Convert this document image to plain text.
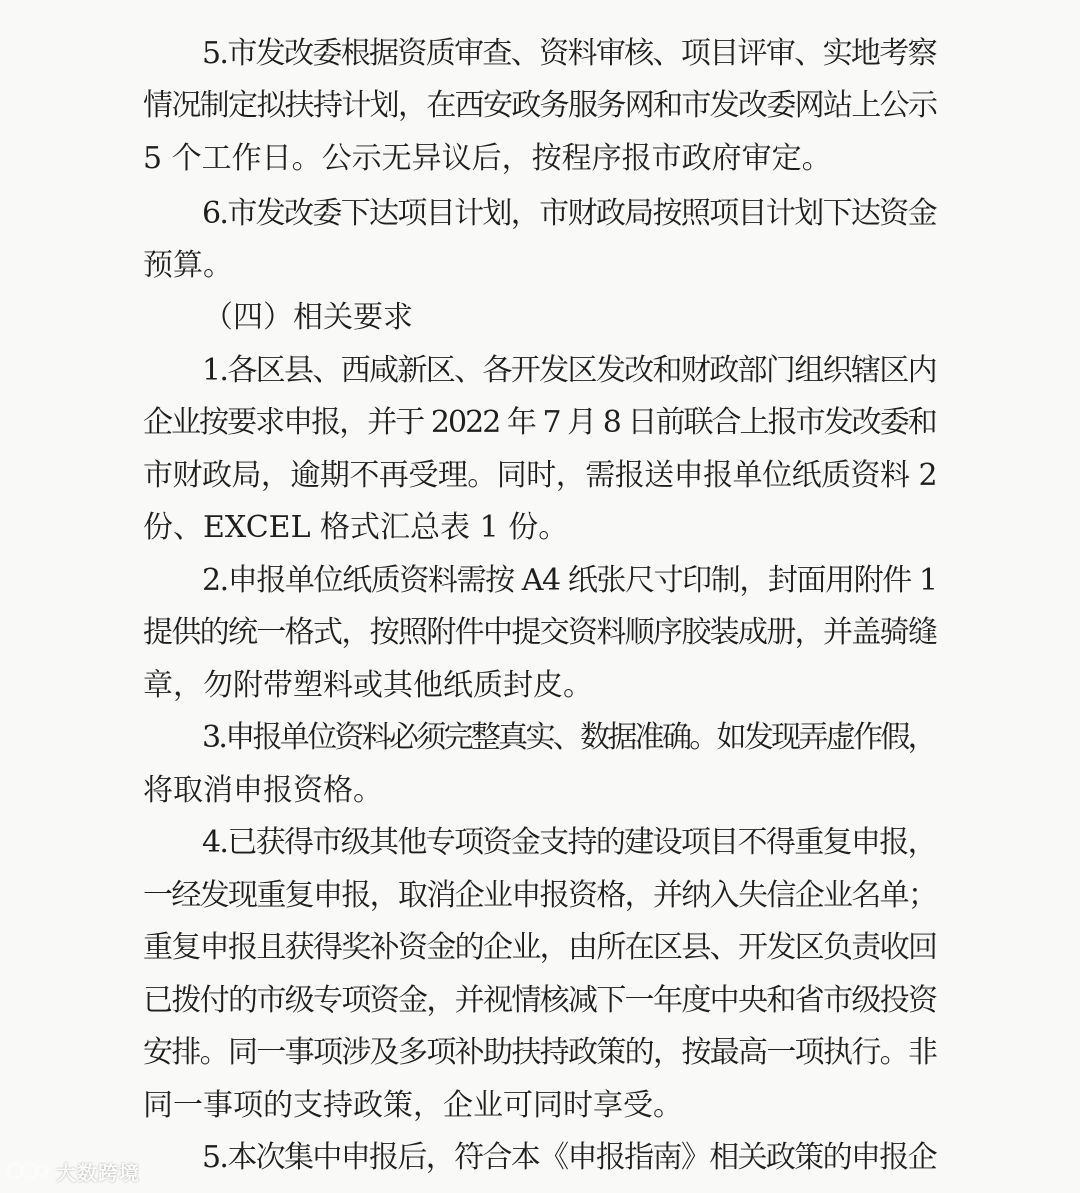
5.市发改委根据资质审查、资料审核、项目评审、实地考察
情况制定拟扶持计划，在西安政务服务网和市发改委网站上公示
5 个工作日。公示无异议后，按程序报市政府审定。
6.市发改委下达项目计划，市财政局按照项目计划下达资金
预算。
（四）相关要求
1.各区县、西咸新区、各开发区发改和财政部门组织辖区内
企业按要求申报，并于 2022 年 7 月 8 日前联合上报市发改委和
市财政局，逾期不再受理。同时，需报送申报单位纸质资料 2
份、EXCEL 格式汇总表 1 份。
2.申报单位纸质资料需按 A4 纸张尺寸印制，封面用附件 1
提供的统一格式，按照附件中提交资料顺序胶装成册，并盖骑缝
章，勿附带塑料或其他纸质封皮。
3.申报单位资料必须完整真实、数据准确。如发现弄虚作假，
将取消申报资格。
4.已获得市级其他专项资金支持的建设项目不得重复申报，
一经发现重复申报，取消企业申报资格，并纳入失信企业名单；
重复申报且获得奖补资金的企业，由所在区县、开发区负责收回
已拨付的市级专项资金，并视情核减下一年度中央和省市级投资
安排。同一事项涉及多项补助扶持政策的，按最高一项执行。非
同一事项的支持政策，企业可同时享受。
5.本次集中申报后，符合本《申报指南》相关政策的申报企
大数跨境
